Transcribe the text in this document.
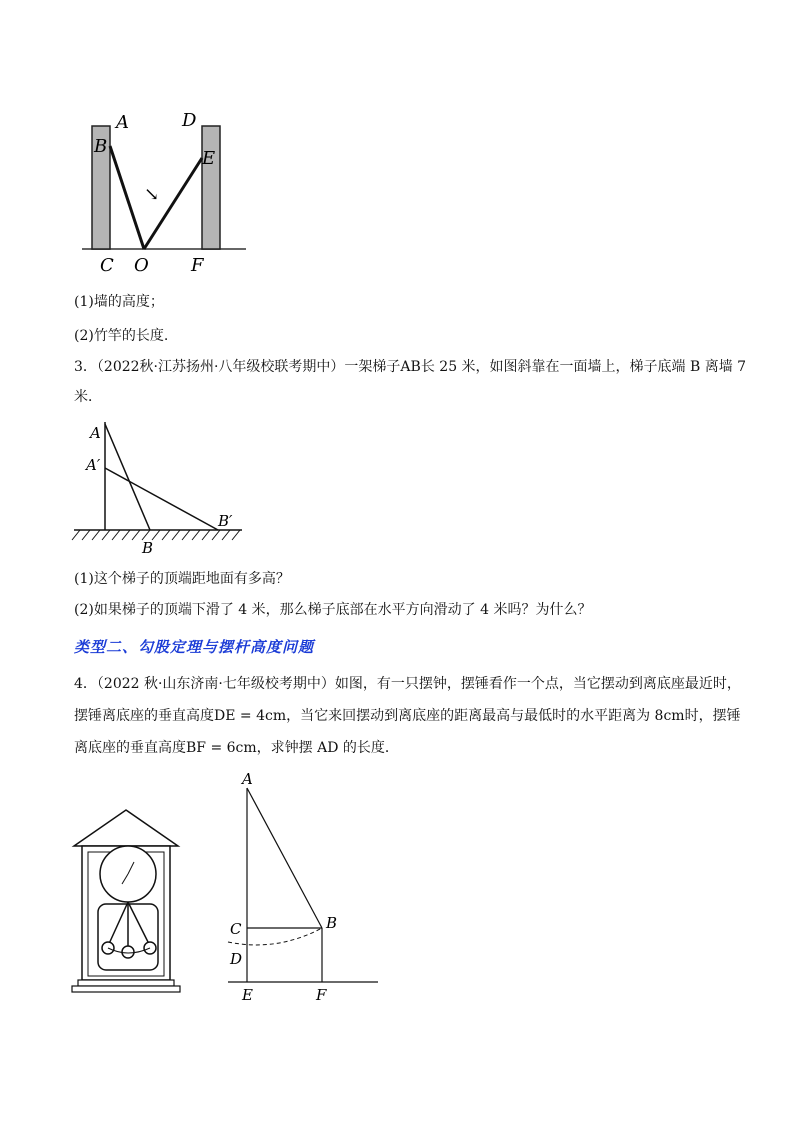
↘
A
B
C O
D
E
F
(1)墙的高度；
(2)竹竿的长度.
3．（2022秋·江苏扬州·八年级校联考期中）一架梯子AB长 25 米，如图斜靠在一面墙上，梯子底端 B 离墙 7
米．
A
A′
B
B′
(1)这个梯子的顶端距地面有多高？
(2)如果梯子的顶端下滑了 4 米，那么梯子底部在水平方向滑动了 4 米吗？为什么？
类型二、勾股定理与摆杆高度问题
4．（2022 秋·山东济南·七年级校考期中）如图，有一只摆钟，摆锤看作一个点，当它摆动到离底座最近时，
摆锤离底座的垂直高度DE = 4cm，当它来回摆动到离底座的距离最高与最低时的水平距离为 8cm时，摆锤
离底座的垂直高度BF = 6cm，求钟摆 AD 的长度．
A
B
C
D
E	F
